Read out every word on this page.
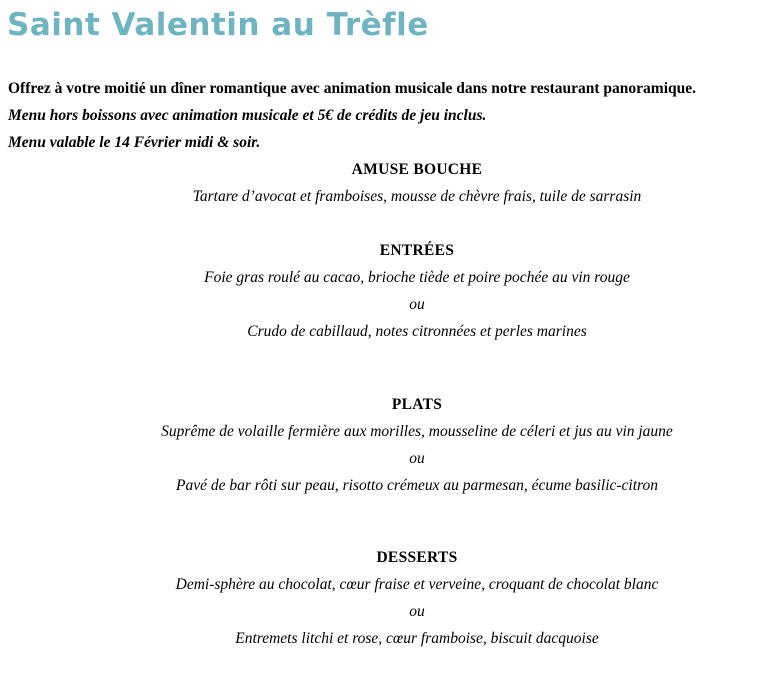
Saint Valentin au Trèfle

Offrez à votre moitié un dîner romantique avec animation musicale dans notre restaurant panoramique.

Menu hors boissons avec animation musicale et 5€ de crédits de jeu inclus.

Menu valable le 14 Février midi & soir.

AMUSE BOUCHE

Tartare d’avocat et framboises, mousse de chèvre frais, tuile de sarrasin

ENTRÉES

Foie gras roulé au cacao, brioche tiède et poire pochée au vin rouge

ou

Crudo de cabillaud, notes citronnées et perles marines

PLATS

Suprême de volaille fermière aux morilles, mousseline de céleri et jus au vin jaune

ou

Pavé de bar rôti sur peau, risotto crémeux au parmesan, écume basilic-citron

DESSERTS

Demi-sphère au chocolat, cœur fraise et verveine, croquant de chocolat blanc

ou

Entremets litchi et rose, cœur framboise, biscuit dacquoise
